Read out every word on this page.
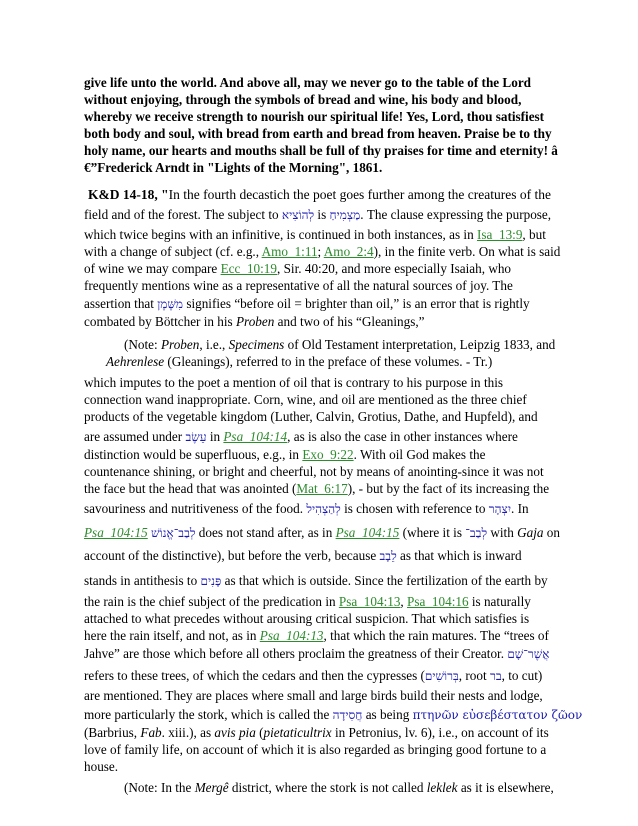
give life unto the world. And above all, may we never go to the table of the Lord
without enjoying, through the symbols of bread and wine, his body and blood,
whereby we receive strength to nourish our spiritual life! Yes, Lord, thou satisfiest
both body and soul, with bread from earth and bread from heaven. Praise be to thy
holy name, our hearts and mouths shall be full of thy praises for time and eternity! â
€”Frederick Arndt in "Lights of the Morning", 1861.
K&D 14-18, "In the fourth decastich the poet goes further among the creatures of the
field and of the forest. The subject to לְהוֹצִיא is מַצְמִיחַ. The clause expressing the purpose,
which twice begins with an infinitive, is continued in both instances, as in Isa_13:9, but
with a change of subject (cf. e.g., Amo_1:11; Amo_2:4), in the finite verb. On what is said
of wine we may compare Ecc_10:19, Sir. 40:20, and more especially Isaiah, who
frequently mentions wine as a representative of all the natural sources of joy. The
assertion that מִשֶּׁמֶן signifies “before oil = brighter than oil,” is an error that is rightly
combated by Böttcher in his Proben and two of his “Gleanings,”
(Note: Proben, i.e., Specimens of Old Testament interpretation, Leipzig 1833, and
Aehrenlese (Gleanings), referred to in the preface of these volumes. - Tr.)
which imputes to the poet a mention of oil that is contrary to his purpose in this
connection wand inappropriate. Corn, wine, and oil are mentioned as the three chief
products of the vegetable kingdom (Luther, Calvin, Grotius, Dathe, and Hupfeld), and
are assumed under עֵשֶׂב in Psa_104:14, as is also the case in other instances where
distinction would be superfluous, e.g., in Exo_9:22. With oil God makes the
countenance shining, or bright and cheerful, not by means of anointing-since it was not
the face but the head that was anointed (Mat_6:17), - but by the fact of its increasing the
savouriness and nutritiveness of the food. לְהַצְהִיל is chosen with reference to יִצְהָר. In
Psa_104:15 לְבַב־אֱנוֹשׁ does not stand after, as in Psa_104:15 (where it is לְבַב־ with Gaja on
account of the distinctive), but before the verb, because לֵבָב as that which is inward
stands in antithesis to פָּנִים as that which is outside. Since the fertilization of the earth by
the rain is the chief subject of the predication in Psa_104:13, Psa_104:16 is naturally
attached to what precedes without arousing critical suspicion. That which satisfies is
here the rain itself, and not, as in Psa_104:13, that which the rain matures. The “trees of
Jahve” are those which before all others proclaim the greatness of their Creator. אֲשֶׁר־שָׁם
refers to these trees, of which the cedars and then the cypresses (בְּרוֹשִׁים, root בר, to cut)
are mentioned. They are places where small and large birds build their nests and lodge,
more particularly the stork, which is called the חֲסִידָה as being πτηνῶν εὐσεβέστατον ζῶον
(Barbrius, Fab. xiii.), as avis pia (pietaticultrix in Petronius, lv. 6), i.e., on account of its
love of family life, on account of which it is also regarded as bringing good fortune to a
house.
(Note: In the Mergê district, where the stork is not called leklek as it is elsewhere,
